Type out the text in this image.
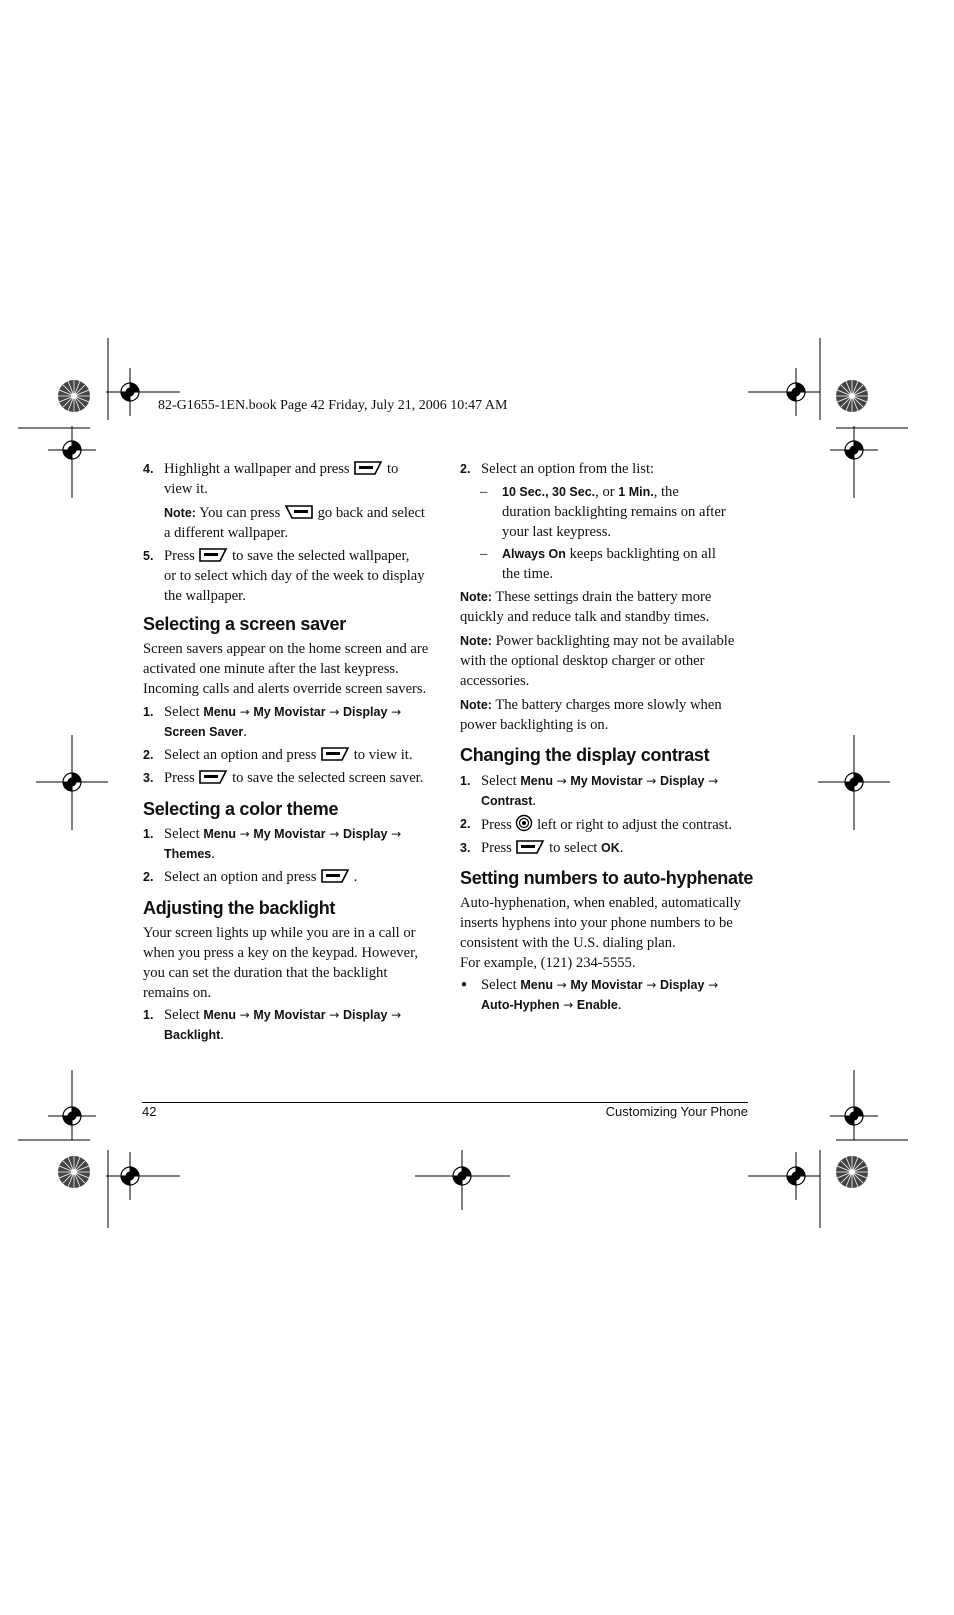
82-G1655-1EN.book Page 42 Friday, July 21, 2006 10:47 AM
4. Highlight a wallpaper and press	to

view it.

Note: You can press	go back and select

a different wallpaper.

5. Press	to save the selected wallpaper,

or to select which day of the week to display

the wallpaper.

Selecting a screen saver

Screen savers appear on the home screen and are

activated one minute after the last keypress.

Incoming calls and alerts override screen savers.

1. Select Menu → My Movistar → Display →

Screen Saver.

2. Select an option and press	to view it.

3. Press	to save the selected screen saver.

Selecting a color theme

1. Select Menu → My Movistar → Display →

Themes.

2. Select an option and press	.

Adjusting the backlight

Your screen lights up while you are in a call or

when you press a key on the keypad. However,

you can set the duration that the backlight

remains on.

1. Select Menu → My Movistar → Display →

Backlight.

2. Select an option from the list:

– 10 Sec., 30 Sec., or 1 Min., the

duration backlighting remains on after

your last keypress.

– Always On keeps backlighting on all

the time.

Note: These settings drain the battery more

quickly and reduce talk and standby times.

Note: Power backlighting may not be available

with the optional desktop charger or other

accessories.

Note: The battery charges more slowly when

power backlighting is on.

Changing the display contrast

1. Select Menu → My Movistar → Display →

Contrast.

2. Press left or right to adjust the contrast.

3. Press	to select OK.

Setting numbers to auto-hyphenate

Auto-hyphenation, when enabled, automatically

inserts hyphens into your phone numbers to be

consistent with the U.S. dialing plan.

For example, (121) 234-5555.

• Select Menu → My Movistar → Display →

Auto-Hyphen → Enable.

42	Customizing Your Phone
